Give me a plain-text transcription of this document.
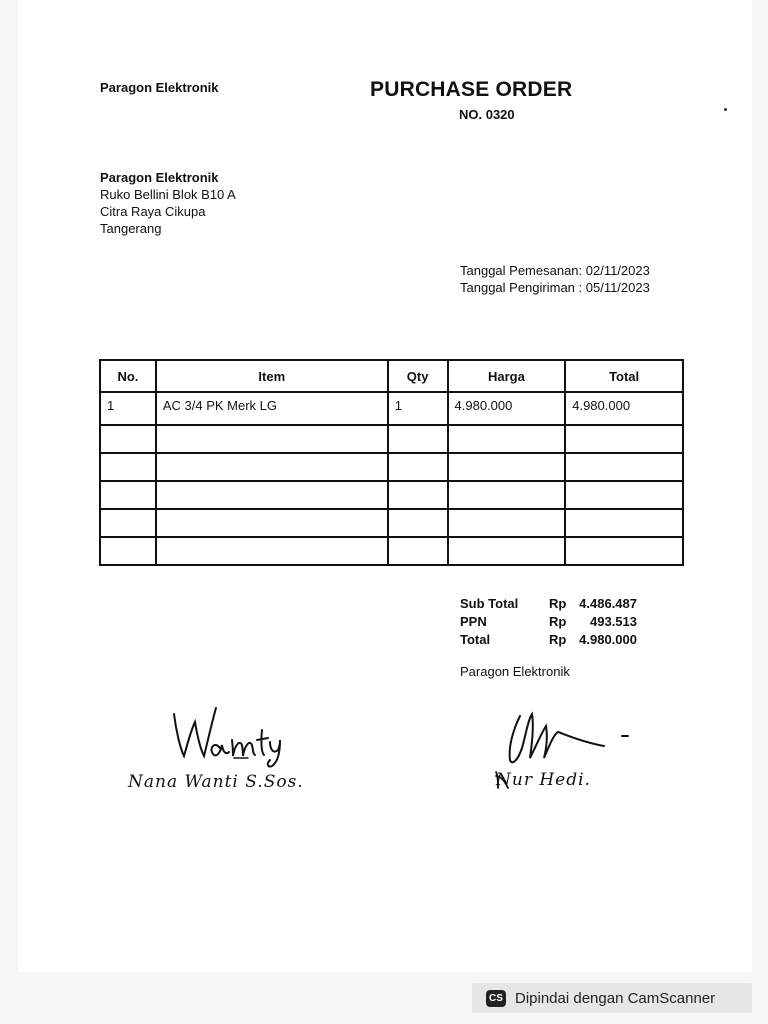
Paragon Elektronik	PURCHASE ORDER
NO. 0320
Paragon Elektronik
Ruko Bellini Blok B10 A
Citra Raya Cikupa
Tangerang
Tanggal Pemesanan: 02/11/2023
Tanggal Pengiriman : 05/11/2023
No.	Item	Qty	Harga	Total
1	AC 3/4 PK Merk LG	1	4.980.000	4.980.000

Sub Total	Rp 4.486.487
PPN	Rp	493.513
Total	Rp 4.980.000
Paragon Elektronik
Nana Wanti S.Sos.	Nur Hedi.
CS Dipindai dengan CamScanner
